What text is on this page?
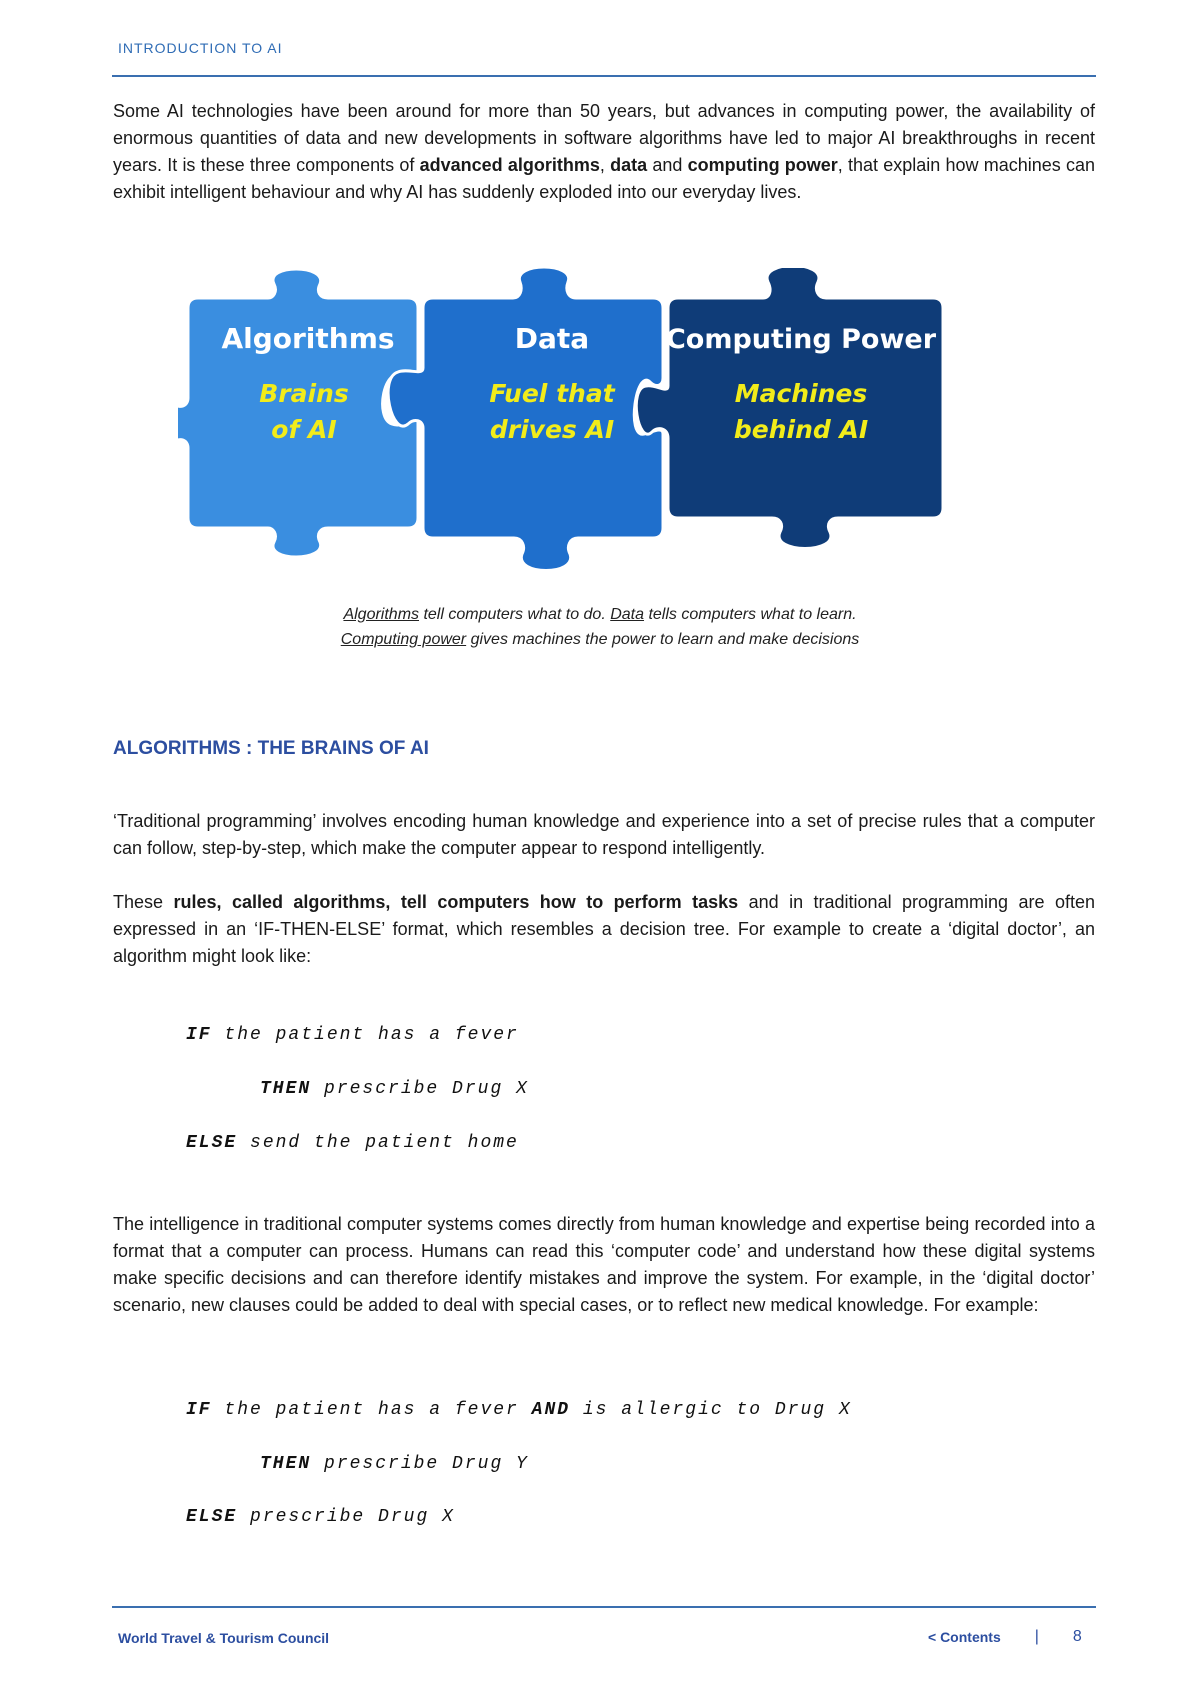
INTRODUCTION TO AI

Some AI technologies have been around for more than 50 years, but advances in computing power, the availability of enormous quantities of data and new developments in software algorithms have led to major AI breakthroughs in recent years. It is these three components of advanced algorithms, data and computing power, that explain how machines can exhibit intelligent behaviour and why AI has suddenly exploded into our everyday lives.

Algorithms
Brains
of AI
Data
Fuel that
drives AI
Computing Power
Machines
behind AI
Algorithms tell computers what to do. Data tells computers what to learn.
Computing power gives machines the power to learn and make decisions
ALGORITHMS : THE BRAINS OF AI

‘Traditional programming’ involves encoding human knowledge and experience into a set of precise rules that a computer can follow, step-by-step, which make the computer appear to respond intelligently.

These rules, called algorithms, tell computers how to perform tasks and in traditional programming are often expressed in an ‘IF-THEN-ELSE’ format, which resembles a decision tree. For example to create a ‘digital doctor’, an algorithm might look like:

IF the patient has a fever
THEN prescribe Drug X
ELSE send the patient home

The intelligence in traditional computer systems comes directly from human knowledge and expertise being recorded into a format that a computer can process. Humans can read this ‘computer code’ and understand how these digital systems make specific decisions and can therefore identify mistakes and improve the system. For example, in the ‘digital doctor’ scenario, new clauses could be added to deal with special cases, or to reflect new medical knowledge. For example:

IF the patient has a fever AND is allergic to Drug X
THEN prescribe Drug Y
ELSE prescribe Drug X
World Travel & Tourism Council	< Contents | 8
